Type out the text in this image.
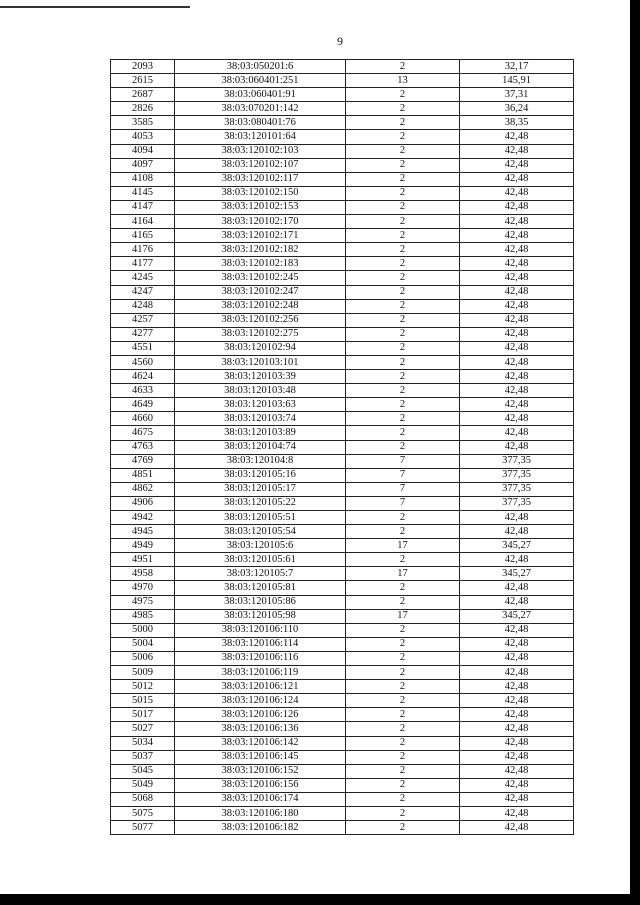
9
2093	38:03:050201:6	2	32,17
2615	38:03:060401:251	13	145,91
2687	38:03:060401:91	2	37,31
2826	38:03:070201:142	2	36,24
3585	38:03:080401:76	2	38,35
4053	38:03:120101:64	2	42,48
4094	38:03:120102:103	2	42,48
4097	38:03:120102:107	2	42,48
4108	38:03:120102:117	2	42,48
4145	38:03:120102:150	2	42,48
4147	38:03:120102:153	2	42,48
4164	38:03:120102:170	2	42,48
4165	38:03:120102:171	2	42,48
4176	38:03:120102:182	2	42,48
4177	38:03:120102:183	2	42,48
4245	38:03:120102:245	2	42,48
4247	38:03:120102:247	2	42,48
4248	38:03:120102:248	2	42,48
4257	38:03:120102:256	2	42,48
4277	38:03:120102:275	2	42,48
4551	38:03:120102:94	2	42,48
4560	38:03:120103:101	2	42,48
4624	38:03:120103:39	2	42,48
4633	38:03:120103:48	2	42,48
4649	38:03:120103:63	2	42,48
4660	38:03:120103:74	2	42,48
4675	38:03:120103:89	2	42,48
4763	38:03:120104:74	2	42,48
4769	38:03:120104:8	7	377,35
4851	38:03:120105:16	7	377,35
4862	38:03:120105:17	7	377,35
4906	38:03:120105:22	7	377,35
4942	38:03:120105:51	2	42,48
4945	38:03:120105:54	2	42,48
4949	38:03:120105:6	17	345,27
4951	38:03:120105:61	2	42,48
4958	38:03:120105:7	17	345,27
4970	38:03:120105:81	2	42,48
4975	38:03:120105:86	2	42,48
4985	38:03:120105:98	17	345,27
5000	38:03:120106:110	2	42,48
5004	38:03:120106:114	2	42,48
5006	38:03:120106:116	2	42,48
5009	38:03:120106:119	2	42,48
5012	38:03:120106:121	2	42,48
5015	38:03:120106:124	2	42,48
5017	38:03:120106:126	2	42,48
5027	38:03:120106:136	2	42,48
5034	38:03:120106:142	2	42,48
5037	38:03:120106:145	2	42,48
5045	38:03:120106:152	2	42,48
5049	38:03:120106:156	2	42,48
5068	38:03:120106:174	2	42,48
5075	38:03:120106:180	2	42,48
5077	38:03:120106:182	2	42,48
